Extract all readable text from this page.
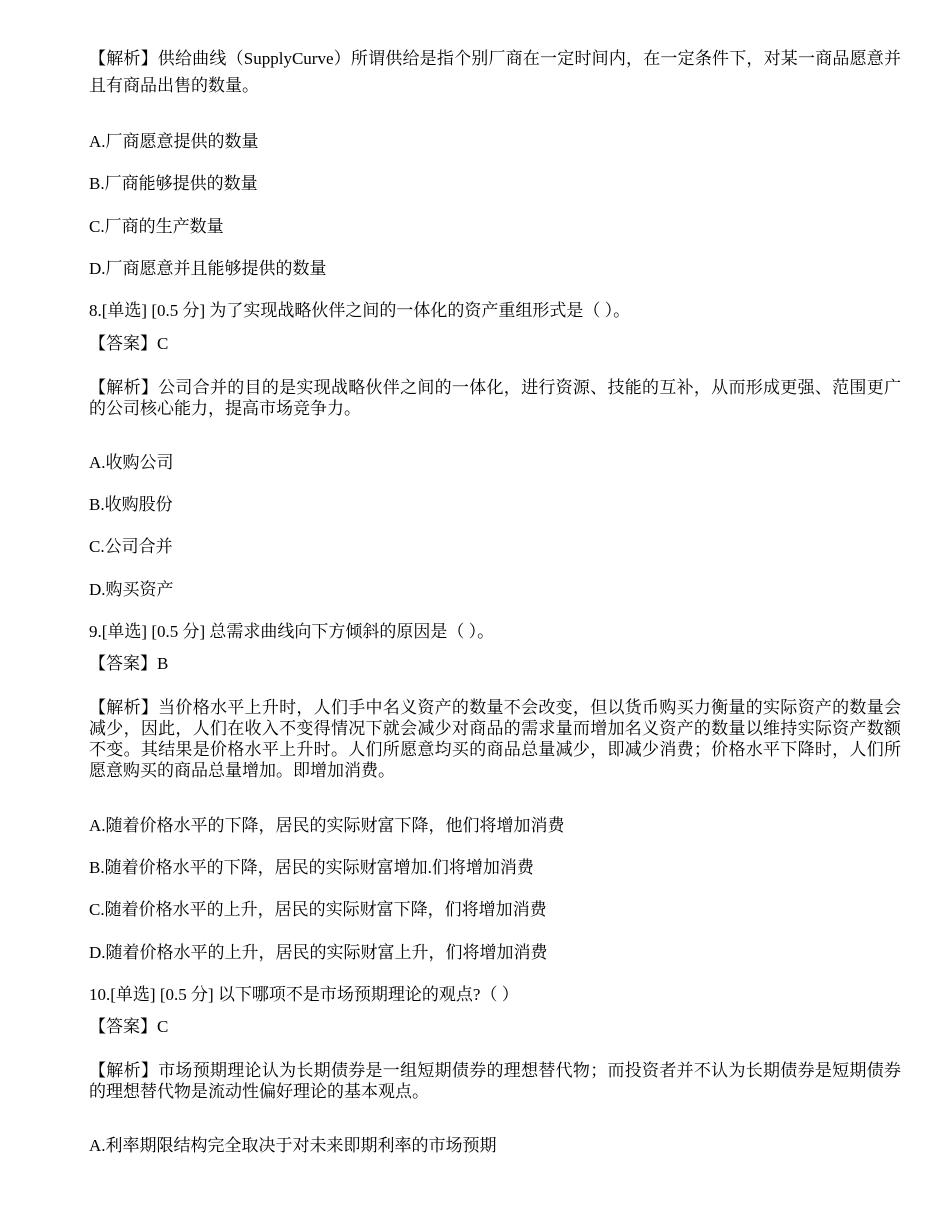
【解析】供给曲线（SupplyCurve）所谓供给是指个别厂商在一定时间内，在一定条件下，对某一商品愿意并且有商品出售的数量。
A.厂商愿意提供的数量
B.厂商能够提供的数量
C.厂商的生产数量
D.厂商愿意并且能够提供的数量
8.[单选] [0.5 分] 为了实现战略伙伴之间的一体化的资产重组形式是（ ）。
【答案】C
【解析】公司合并的目的是实现战略伙伴之间的一体化，进行资源、技能的互补，从而形成更强、范围更广的公司核心能力，提高市场竞争力。
A.收购公司
B.收购股份
C.公司合并
D.购买资产
9.[单选] [0.5 分] 总需求曲线向下方倾斜的原因是（ ）。
【答案】B
【解析】当价格水平上升时，人们手中名义资产的数量不会改变，但以货币购买力衡量的实际资产的数量会减少，因此，人们在收入不变得情况下就会减少对商品的需求量而增加名义资产的数量以维持实际资产数额不变。其结果是价格水平上升时。人们所愿意均买的商品总量减少，即减少消费；价格水平下降时，人们所愿意购买的商品总量增加。即增加消费。
A.随着价格水平的下降，居民的实际财富下降，他们将增加消费
B.随着价格水平的下降，居民的实际财富增加.们将增加消费
C.随着价格水平的上升，居民的实际财富下降，们将增加消费
D.随着价格水平的上升，居民的实际财富上升，们将增加消费
10.[单选] [0.5 分] 以下哪项不是市场预期理论的观点?（ ）
【答案】C
【解析】市场预期理论认为长期债券是一组短期债券的理想替代物；而投资者并不认为长期债券是短期债券的理想替代物是流动性偏好理论的基本观点。
A.利率期限结构完全取决于对未来即期利率的市场预期
